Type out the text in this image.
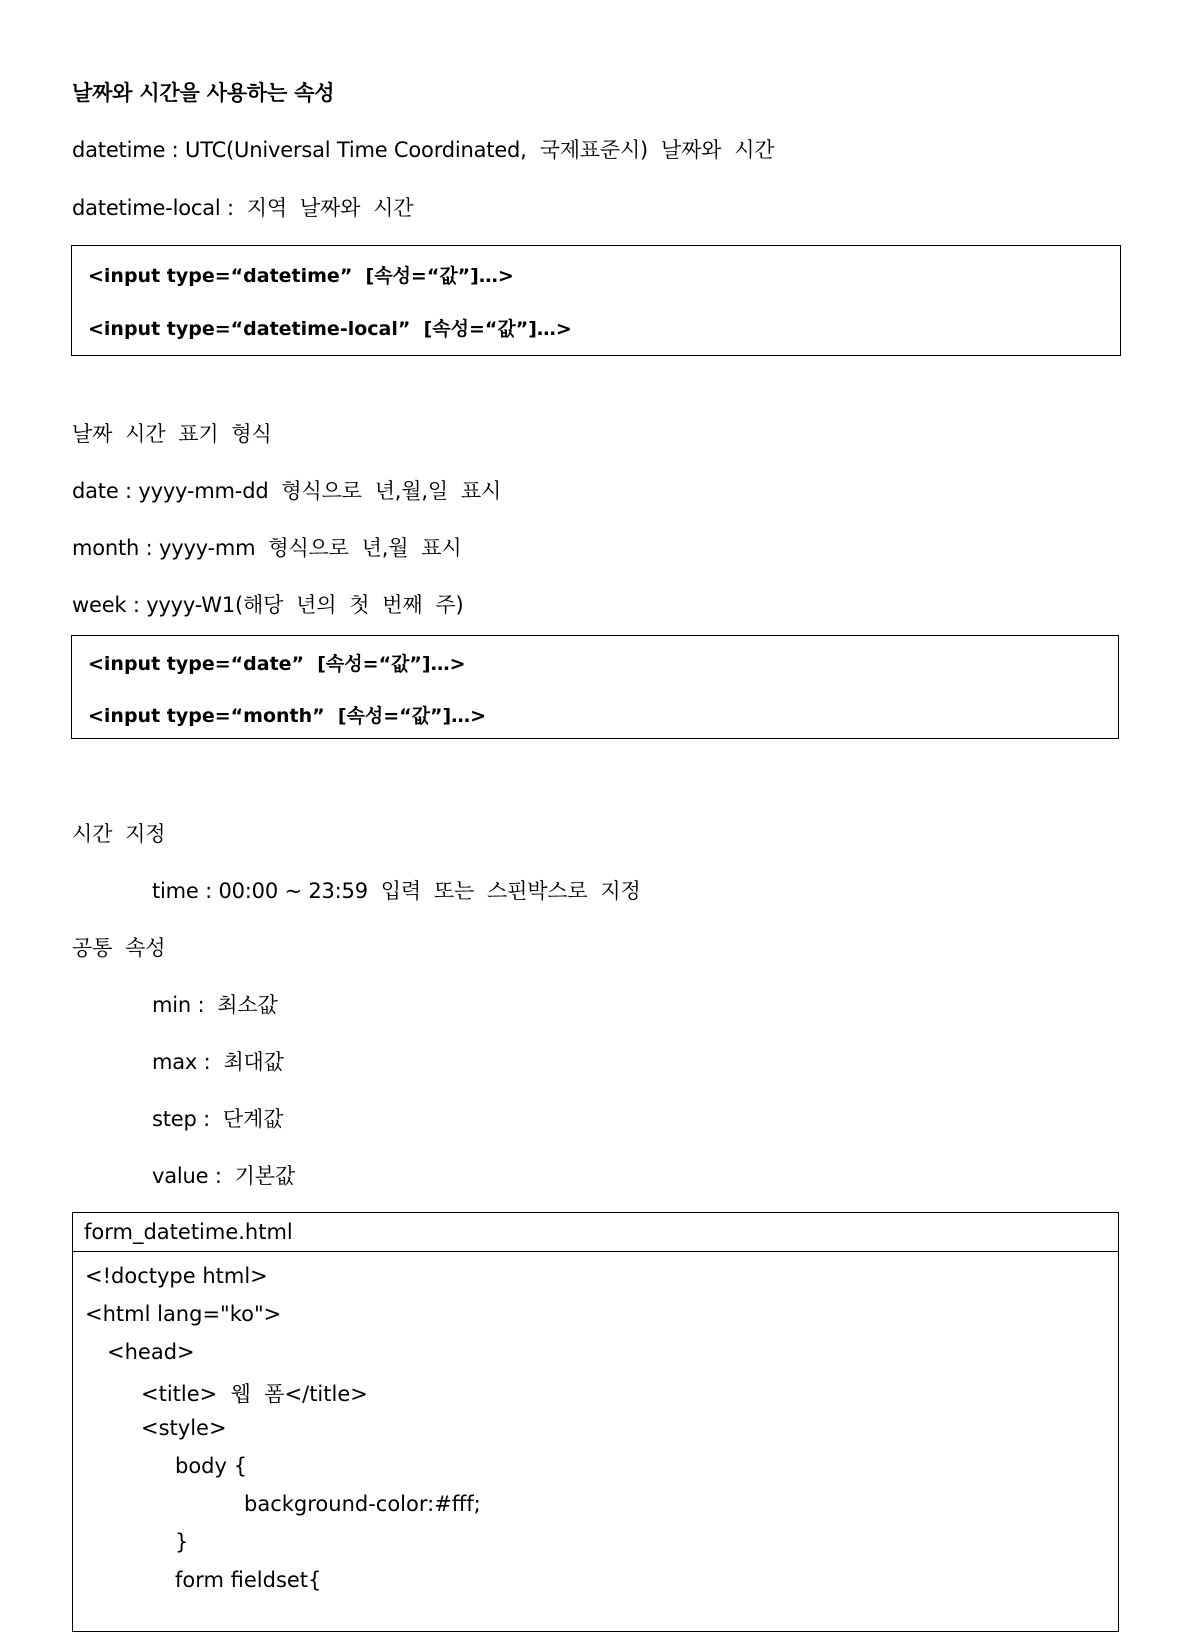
날짜와 시간을 사용하는 속성
datetime : UTC(Universal Time Coordinated,  국제표준시)  날짜와  시간
datetime-local :  지역  날짜와  시간
<input type=“datetime”  [속성=“값”]…>
<input type=“datetime-local”  [속성=“값”]…>
날짜  시간  표기  형식
date : yyyy-mm-dd  형식으로  년,월,일  표시
month : yyyy-mm  형식으로  년,월  표시
week : yyyy-W1(해당  년의  첫  번째  주)
<input type=“date”  [속성=“값”]…>
<input type=“month”  [속성=“값”]…>
시간  지정
time : 00:00 ~ 23:59  입력  또는  스핀박스로  지정
공통  속성
min :  최소값
max :  최대값
step :  단계값
value :  기본값
form_datetime.html
<!doctype html>
<html lang="ko">
<head>
<title>  웹  폼</title>
<style>
body {
background-color:#fff;
}
form fieldset{
